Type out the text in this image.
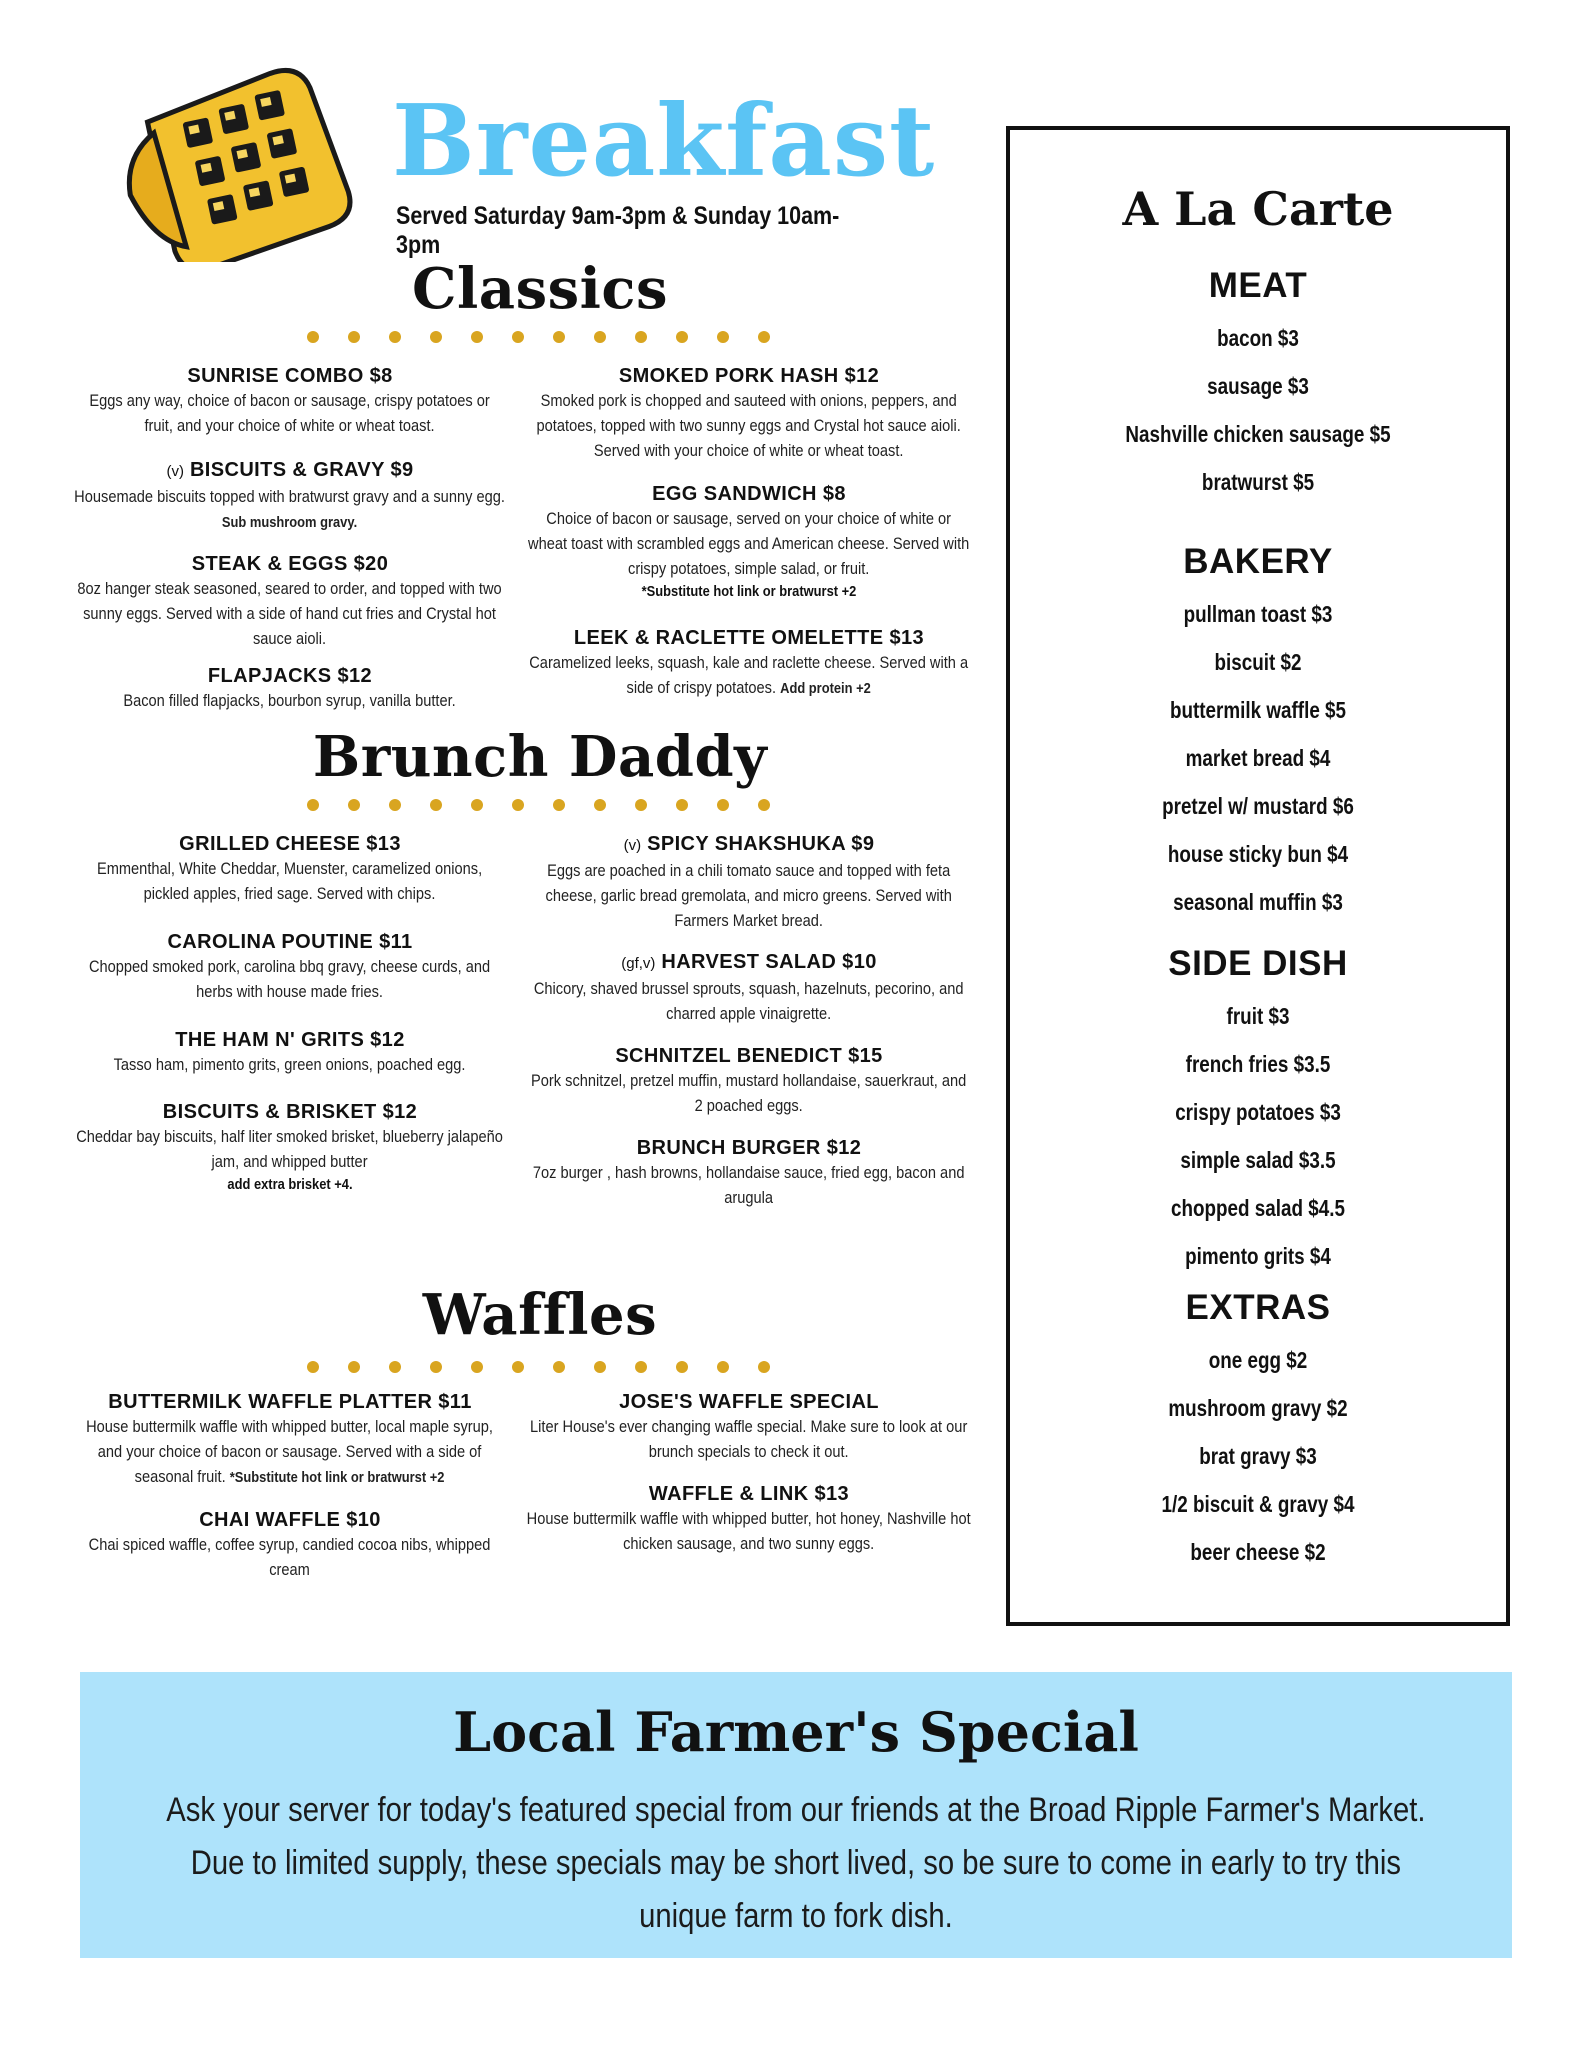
Breakfast
Served Saturday 9am-3pm & Sunday 10am-3pm
Classics
SUNRISE COMBO $8
Eggs any way, choice of bacon or sausage, crispy potatoes or fruit, and your choice of white or wheat toast.
(v) BISCUITS & GRAVY $9
Housemade biscuits topped with bratwurst gravy and a sunny egg. Sub mushroom gravy.
STEAK & EGGS $20
8oz hanger steak seasoned, seared to order, and topped with two sunny eggs. Served with a side of hand cut fries and Crystal hot sauce aioli.
FLAPJACKS $12
Bacon filled flapjacks, bourbon syrup, vanilla butter.
SMOKED PORK HASH $12
Smoked pork is chopped and sauteed with onions, peppers, and potatoes, topped with two sunny eggs and Crystal hot sauce aioli. Served with your choice of white or wheat toast.
EGG SANDWICH $8
Choice of bacon or sausage, served on your choice of white or wheat toast with scrambled eggs and American cheese. Served with crispy potatoes, simple salad, or fruit.
*Substitute hot link or bratwurst +2
LEEK & RACLETTE OMELETTE $13
Caramelized leeks, squash, kale and raclette cheese. Served with a side of crispy potatoes. Add protein +2
Brunch Daddy
GRILLED CHEESE $13
Emmenthal, White Cheddar, Muenster, caramelized onions, pickled apples, fried sage. Served with chips.
CAROLINA POUTINE $11
Chopped smoked pork, carolina bbq gravy, cheese curds, and herbs with house made fries.
THE HAM N' GRITS $12
Tasso ham, pimento grits, green onions, poached egg.
BISCUITS & BRISKET $12
Cheddar bay biscuits, half liter smoked brisket, blueberry jalapeño jam, and whipped butter
add extra brisket +4.
(v) SPICY SHAKSHUKA $9
Eggs are poached in a chili tomato sauce and topped with feta cheese, garlic bread gremolata, and micro greens. Served with Farmers Market bread.
(gf,v) HARVEST SALAD $10
Chicory, shaved brussel sprouts, squash, hazelnuts, pecorino, and charred apple vinaigrette.
SCHNITZEL BENEDICT $15
Pork schnitzel, pretzel muffin, mustard hollandaise, sauerkraut, and 2 poached eggs.
BRUNCH BURGER $12
7oz burger , hash browns, hollandaise sauce, fried egg, bacon and arugula
Waffles
BUTTERMILK WAFFLE PLATTER $11
House buttermilk waffle with whipped butter, local maple syrup, and your choice of bacon or sausage. Served with a side of seasonal fruit. *Substitute hot link or bratwurst +2
CHAI WAFFLE $10
Chai spiced waffle, coffee syrup, candied cocoa nibs, whipped cream
JOSE'S WAFFLE SPECIAL
Liter House's ever changing waffle special. Make sure to look at our brunch specials to check it out.
WAFFLE & LINK $13
House buttermilk waffle with whipped butter, hot honey, Nashville hot chicken sausage, and two sunny eggs.
A La Carte
MEAT
bacon $3
sausage $3
Nashville chicken sausage $5
bratwurst $5
BAKERY
pullman toast $3
biscuit $2
buttermilk waffle $5
market bread $4
pretzel w/ mustard $6
house sticky bun $4
seasonal muffin $3
SIDE DISH
fruit $3
french fries $3.5
crispy potatoes $3
simple salad $3.5
chopped salad $4.5
pimento grits $4
EXTRAS
one egg $2
mushroom gravy $2
brat gravy $3
1/2 biscuit & gravy $4
beer cheese $2
Local Farmer's Special
Ask your server for today's featured special from our friends at the Broad Ripple Farmer's Market. Due to limited supply, these specials may be short lived, so be sure to come in early to try this unique farm to fork dish.
